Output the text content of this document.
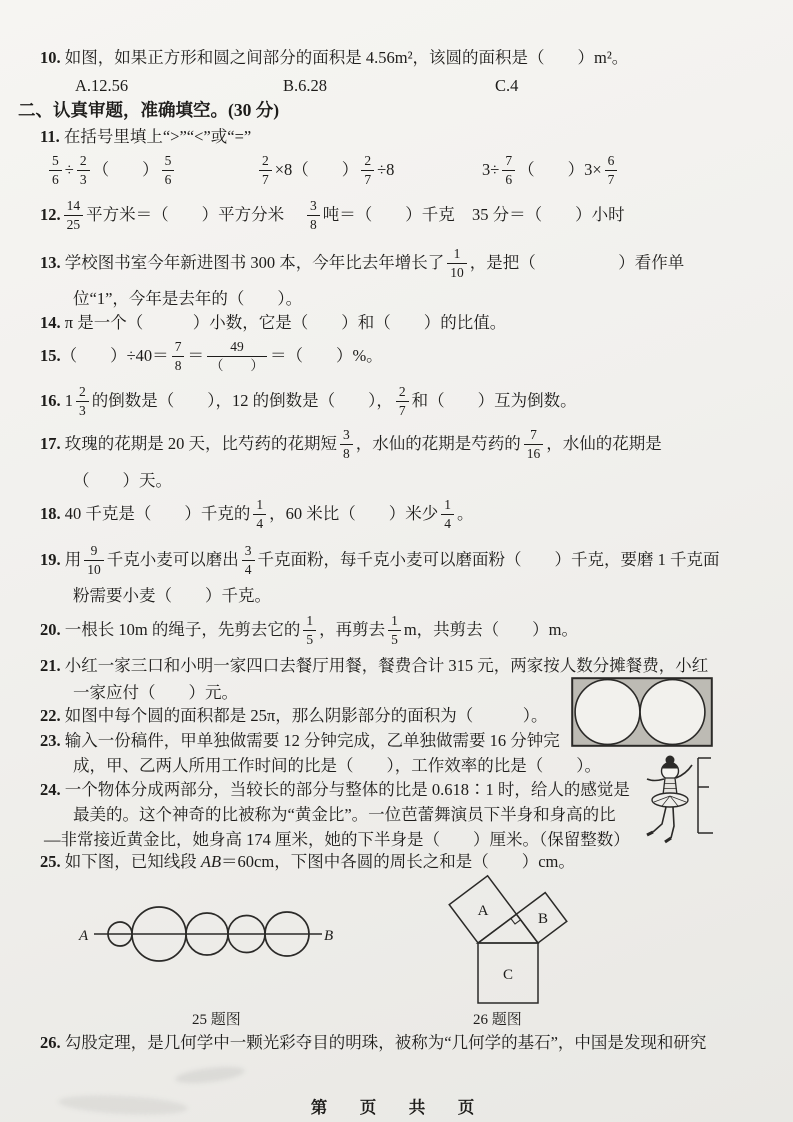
10. 如图，如果正方形和圆之间部分的面积是 4.56m²，该圆的面积是（　　）m²。
A.12.56	B.6.28	C.4
二、认真审题，准确填空。(30 分)
11. 在括号里填上“>”“<”或“=”
$\frac{5}{6} \div \frac{2}{3}$ （　　） $\frac{5}{6}$	$\frac{2}{7} \times 8$（　　） $\frac{2}{7} \div 8$	$3\div \frac{7}{6}$ （　　）$3\times \frac{6}{7}$
12. $\frac{14}{25}$ 平方米＝（　　）平方分米 $\frac{3}{8}$ 吨＝（　　）千克 35 分＝（　　）小时
13. 学校图书室今年新进图书 300 本，今年比去年增长了 $\frac{1}{10}$ ，是把（　　　　　）看作单
位“1”，今年是去年的（　　）。
14. π 是一个（　　　）小数，它是（　　）和（　　）的比值。
15. （　　）$\div 40= \frac{7}{8} = \frac{49}{( )}$ ＝（　　）%。
16. $1 \frac{2}{3}$ 的倒数是（　　），12 的倒数是（　　）， $\frac{2}{7}$ 和（　　）互为倒数。
17. 玫瑰的花期是 20 天，比芍药的花期短 $\frac{3}{8}$ ，水仙的花期是芍药的 $\frac{7}{16}$ ，水仙的花期是
（　　）天。
18. 40 千克是（　　）千克的 $\frac{1}{4}$ ，60 米比（　　）米少 $\frac{1}{4}$ 。
19. 用 $\frac{9}{10}$ 千克小麦可以磨出 $\frac{3}{4}$ 千克面粉，每千克小麦可以磨面粉（　　）千克，要磨 1 千克面
粉需要小麦（　　）千克。
20. 一根长 10m 的绳子，先剪去它的 $\frac{1}{5}$ ，再剪去 $\frac{1}{5}$ m，共剪去（　　）m。
21. 小红一家三口和小明一家四口去餐厅用餐，餐费合计 315 元，两家按人数分摊餐费，小红
一家应付（　　）元。
22. 如图中每个圆的面积都是 25π，那么阴影部分的面积为（　　　）。
23. 输入一份稿件，甲单独做需要 12 分钟完成，乙单独做需要 16 分钟完
成，甲、乙两人所用工作时间的比是（　　），工作效率的比是（　　）。
24. 一个物体分成两部分，当较长的部分与整体的比是 0.618∶1 时，给人的感觉是
最美的。这个神奇的比被称为“黄金比”。一位芭蕾舞演员下半身和身高的比
—非常接近黄金比，她身高 174 厘米，她的下半身是（　　）厘米。（保留整数）
25. 如下图，已知线段 AB ＝60cm，下图中各圆的周长之和是（　　）cm。
25 题图	26 题图
26. 勾股定理，是几何学中一颗光彩夺目的明珠，被称为“几何学的基石”，中国是发现和研究
第　页　共　页
A	B
A	B
C
